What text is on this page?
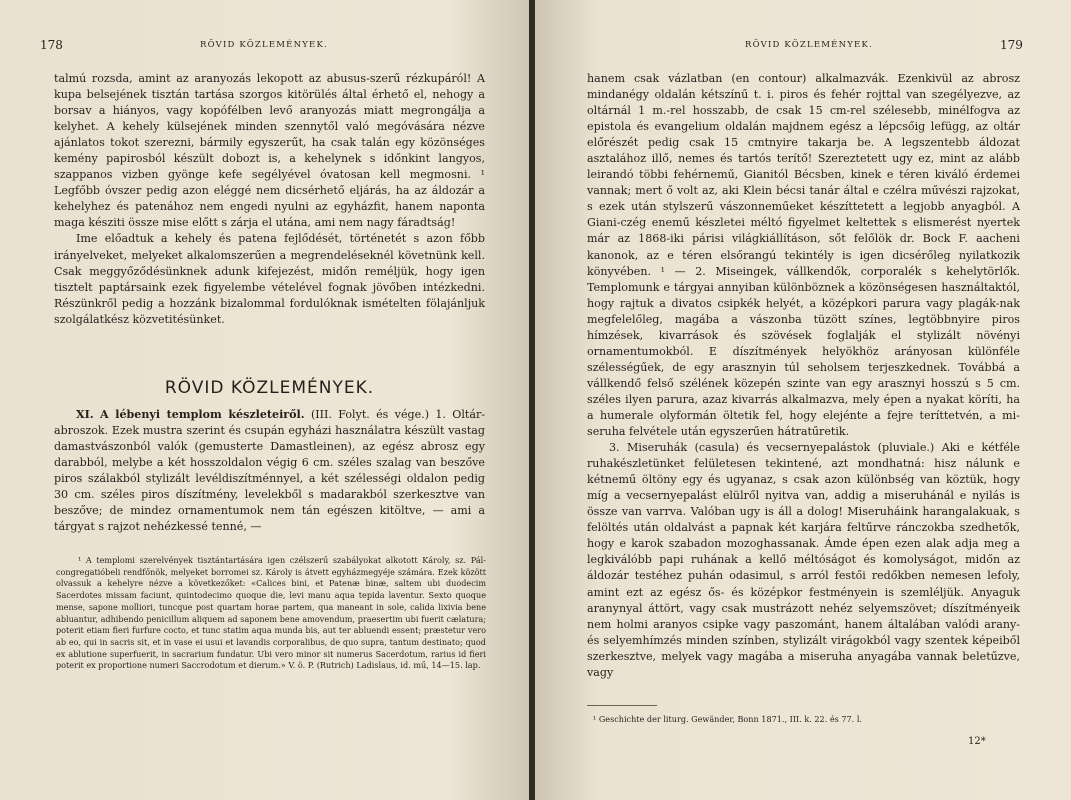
178	RÖVID KÖZLEMÉNYEK.

talmú rozsda, amint az aranyozás lekopott az abusus-szerű rézkupáról! A kupa belsejének tisztán tartása szorgos kitörülés által érhető el, nehogy a borsav a hiányos, vagy kopófélben levő aranyozás miatt megrongálja a kelyhet. A kehely külsejének minden szennytől való megóvására nézve ajánlatos tokot szerezni, bármily egyszerűt, ha csak talán egy közönséges kemény papirosból készült dobozt is, a kehelynek s időnkint langyos, szappanos vizben gyönge kefe segélyével óvatosan kell megmosni. ¹ Legfőbb óvszer pedig azon eléggé nem dicsérhető eljárás, ha az áldozár a kehelyhez és patenához nem engedi nyulni az egyházfit, hanem naponta maga késziti össze mise előtt s zárja el utána, ami nem nagy fáradtság!

Ime előadtuk a kehely és patena fejlődését, történetét s azon főbb irányelveket, melyeket alkalomszerűen a megrendeléseknél követnünk kell. Csak meggyőződésünknek adunk kifejezést, midőn reméljük, hogy igen tisztelt paptársaink ezek figyelembe vételével fognak jövőben intézkedni. Részünkről pedig a hozzánk bizalommal fordulóknak ismételten fölajánljuk szolgálatkész közvetitésünket.

RÖVID KÖZLEMÉNYEK.

XI. A lébenyi templom készleteiről. (III. Folyt. és vége.) 1. Oltárabroszok. Ezek mustra szerint és csupán egyházi használatra készült vastag damastvászonból valók (gemusterte Damastleinen), az egész abrosz egy darabból, melybe a két hosszoldalon végig 6 cm. széles szalag van beszőve piros szálakból stylizált levéldiszítménnyel, a két szélességi oldalon pedig 30 cm. széles piros díszítmény, levelekből s madarakból szerkesztve van beszőve; de mindez ornamentumok nem tán egészen kitöltve, — ami a tárgyat s rajzot nehézkessé tenné, —

¹ A templomi szerelvények tisztántartására igen czélszerű szabályokat alkotott Károly, sz. Pál-congregatióbeli rendfőnök, melyeket borromei sz. Károly is átvett egyházmegyéje számára. Ezek között olvassuk a kehelyre nézve a következőket: «Calices bini, et Patenæ binæ, saltem ubi duodecim Sacerdotes missam faciunt, quintodecimo quoque die, levi manu aqua tepida laventur. Sexto quoque mense, sapone molliori, tuncque post quartam horae partem, qua maneant in sole, calida lixivia bene abluantur, adhibendo penicillum aliquem ad saponem bene amovendum, praesertim ubi fuerit cælatura; poterit etiam fieri furfure cocto, et tunc statim aqua munda bis, aut ter abluendi essent; præstetur vero ab eo, qui in sacris sit, et in vase ei usui et lavandis corporalibus, de quo supra, tantum destinato; quod ex ablutione superfuerit, in sacrarium fundatur. Ubi vero minor sit numerus Sacerdotum, rarius id fieri poterit ex proportione numeri Saccrodotum et dierum.» V. ö. P. (Rutrich) Ladislaus, id. mű, 14—15. lap.

RÖVID KÖZLEMÉNYEK.	179

hanem csak vázlatban (en contour) alkalmazvák. Ezenkivül az abrosz mindanégy oldalán kétszínű t. i. piros és fehér rojttal van szegélyezve, az oltárnál 1 m.-rel hosszabb, de csak 15 cm-rel szélesebb, minélfogva az epistola és evangelium oldalán majdnem egész a lépcsőig lefügg, az oltár előrészét pedig csak 15 cmtnyire takarja be. A legszentebb áldozat asztalához illő, nemes és tartós terítő! Szereztetett ugy ez, mint az alább leirandó többi fehérnemű, Gianitól Bécsben, kinek e téren kiváló érdemei vannak; mert ő volt az, aki Klein bécsi tanár által e czélra művészi rajzokat, s ezek után stylszerű vászonneműeket készíttetett a legjobb anyagból. A Giani-czég enemű készletei méltó figyelmet keltettek s elismerést nyertek már az 1868-iki párisi világkiállításon, sőt felőlök dr. Bock F. aacheni kanonok, az e téren elsőrangú tekintély is igen dicsérőleg nyilatkozik könyvében. ¹ — 2. Miseingek, vállkendők, corporalék s kehelytörlők. Templomunk e tárgyai annyiban különböznek a közönségesen használtaktól, hogy rajtuk a divatos csipkék helyét, a középkori parura vagy plagák-nak megfelelőleg, magába a vászonba tüzött színes, legtöbbnyire piros hímzések, kivarrások és szövések foglalják el stylizált növényi ornamentumokból. E díszítmények helyökhöz arányosan különféle szélességűek, de egy arasznyin túl seholsem terjeszkednek. Továbbá a vállkendő felső szélének közepén szinte van egy arasznyi hosszú s 5 cm. széles ilyen parura, azaz kivarrás alkalmazva, mely épen a nyakat köríti, ha a humerale olyformán öltetik fel, hogy elejénte a fejre teríttetvén, a miseruha felvétele után egyszerűen hátratűretik.

3. Miseruhák (casula) és vecsernyepalástok (pluviale.) Aki e kétféle ruhakészletünket felületesen tekintené, azt mondhatná: hisz nálunk e kétnemű öltöny egy és ugyanaz, s csak azon különbség van köztük, hogy míg a vecsernyepalást elülről nyitva van, addig a miseruhánál e nyilás is össze van varrva. Valóban ugy is áll a dolog! Miseruháink harangalakuak, s felöltés után oldalvást a papnak két karjára feltűrve ránczokba szedhetők, hogy e karok szabadon mozoghassanak. Ámde épen ezen alak adja meg a legkiválóbb papi ruhának a kellő méltóságot és komolyságot, midőn az áldozár testéhez puhán odasimul, s arról festői redőkben nemesen lefoly, amint ezt az egész ős- és középkor festményein is szemléljük. Anyaguk aranynyal áttört, vagy csak mustrázott nehéz selyemszövet; díszítményeik nem holmi aranyos csipke vagy paszománt, hanem általában valódi arany- és selyemhímzés minden színben, stylizált virágokból vagy szentek képeiből szerkesztve, melyek vagy magába a miseruha anyagába vannak beletűzve, vagy

¹ Geschichte der liturg. Gewänder, Bonn 1871., III. k. 22. és 77. l.

12*
